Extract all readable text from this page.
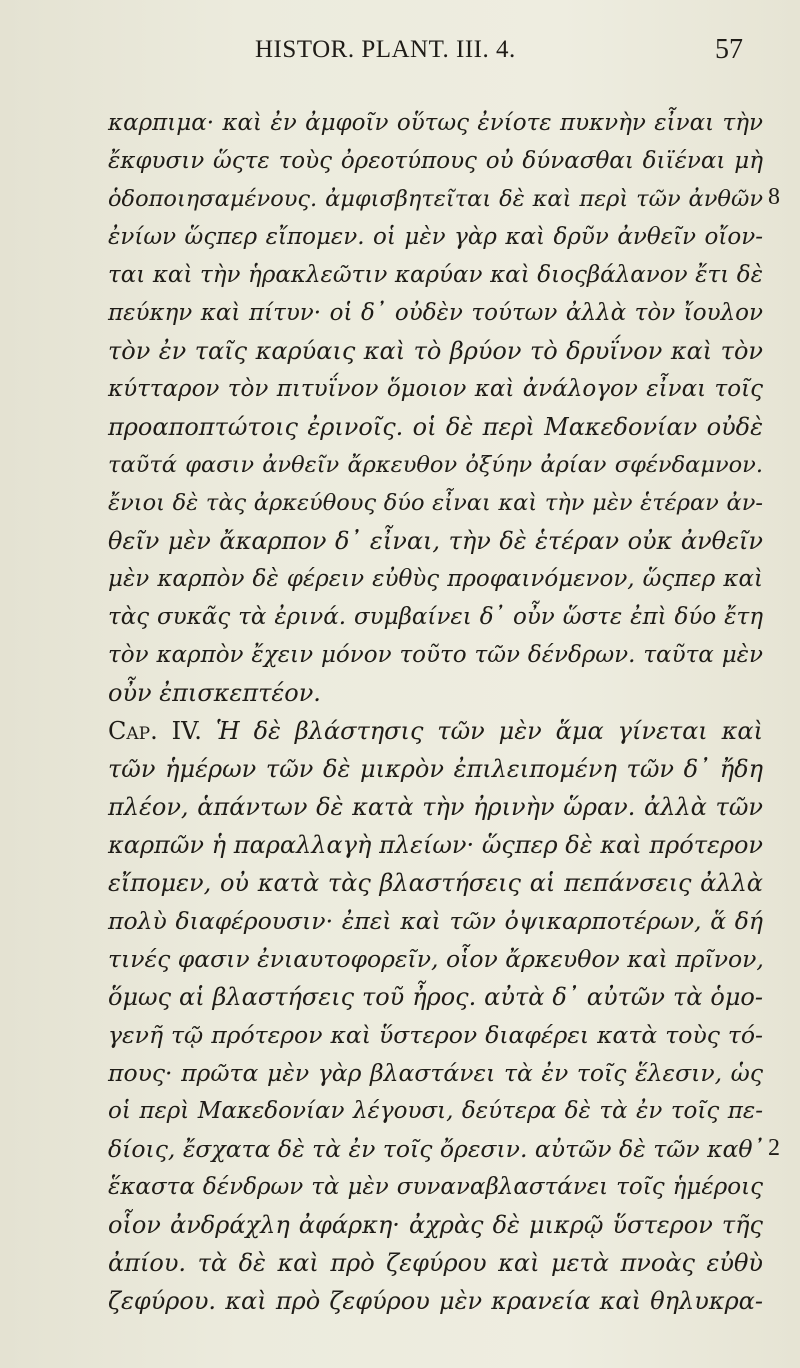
HISTOR. PLANT. III. 4.	57
καρπιμα· καὶ ἐν ἀμφοῖν οὕτως ἐνίοτε πυκνὴν εἶναι τὴν
ἔκφυσιν ὥςτε τοὺς ὀρεοτύπους οὐ δύνασθαι διϊέναι μὴ
ὁδοποιησαμένους. ἀμφισβητεῖται δὲ καὶ περὶ τῶν ἀνθῶν
ἐνίων ὥςπερ εἴπομεν. οἱ μὲν γὰρ καὶ δρῦν ἀνθεῖν οἴον-
ται καὶ τὴν ἡρακλεῶτιν καρύαν καὶ διοςβάλανον ἔτι δὲ
πεύκην καὶ πίτυν· οἱ δ᾽ οὐδὲν τούτων ἀλλὰ τὸν ἴουλον
τὸν ἐν ταῖς καρύαις καὶ τὸ βρύον τὸ δρυΐνον καὶ τὸν
κύτταρον τὸν πιτυΐνον ὅμοιον καὶ ἀνάλογον εἶναι τοῖς
προαποπτώτοις ἐρινοῖς. οἱ δὲ περὶ Μακεδονίαν οὐδὲ
ταῦτά φασιν ἀνθεῖν ἄρκευθον ὀξύην ἀρίαν σφένδαμνον.
ἔνιοι δὲ τὰς ἀρκεύθους δύο εἶναι καὶ τὴν μὲν ἑτέραν ἀν-
θεῖν μὲν ἄκαρπον δ᾽ εἶναι, τὴν δὲ ἑτέραν οὐκ ἀνθεῖν
μὲν καρπὸν δὲ φέρειν εὐθὺς προφαινόμενον, ὥςπερ καὶ
τὰς συκᾶς τὰ ἐρινά. συμβαίνει δ᾽ οὖν ὥστε ἐπὶ δύο ἔτη
τὸν καρπὸν ἔχειν μόνον τοῦτο τῶν δένδρων. ταῦτα μὲν
οὖν ἐπισκεπτέον.
Cap. IV. Ἡ δὲ βλάστησις τῶν μὲν ἅμα γίνεται καὶ
τῶν ἡμέρων τῶν δὲ μικρὸν ἐπιλειπομένη τῶν δ᾽ ἤδη
πλέον, ἁπάντων δὲ κατὰ τὴν ἠρινὴν ὥραν. ἀλλὰ τῶν
καρπῶν ἡ παραλλαγὴ πλείων· ὥςπερ δὲ καὶ πρότερον
εἴπομεν, οὐ κατὰ τὰς βλαστήσεις αἱ πεπάνσεις ἀλλὰ
πολὺ διαφέρουσιν· ἐπεὶ καὶ τῶν ὀψικαρποτέρων, ἅ δή
τινές φασιν ἐνιαυτοφορεῖν, οἷον ἄρκευθον καὶ πρῖνον,
ὅμως αἱ βλαστήσεις τοῦ ἦρος. αὐτὰ δ᾽ αὐτῶν τὰ ὁμο-
γενῆ τῷ πρότερον καὶ ὕστερον διαφέρει κατὰ τοὺς τό-
πους· πρῶτα μὲν γὰρ βλαστάνει τὰ ἐν τοῖς ἕλεσιν, ὡς
οἱ περὶ Μακεδονίαν λέγουσι, δεύτερα δὲ τὰ ἐν τοῖς πε-
δίοις, ἔσχατα δὲ τὰ ἐν τοῖς ὄρεσιν. αὐτῶν δὲ τῶν καθ᾽
ἕκαστα δένδρων τὰ μὲν συναναβλαστάνει τοῖς ἡμέροις
οἷον ἀνδράχλη ἀφάρκη· ἀχρὰς δὲ μικρῷ ὕστερον τῆς
ἀπίου. τὰ δὲ καὶ πρὸ ζεφύρου καὶ μετὰ πνοὰς εὐθὺ
ζεφύρου. καὶ πρὸ ζεφύρου μὲν κρανεία καὶ θηλυκρα-
8
2
